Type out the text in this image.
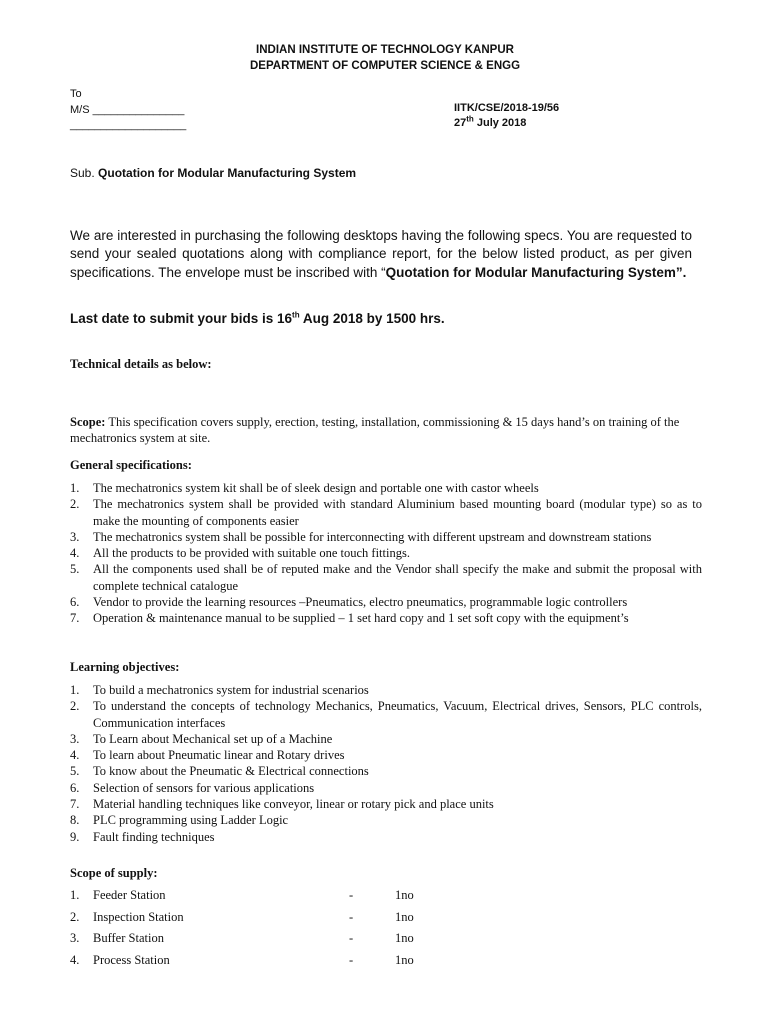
INDIAN INSTITUTE OF TECHNOLOGY KANPUR
DEPARTMENT OF COMPUTER SCIENCE & ENGG
To
M/S _______________
___________________
IITK/CSE/2018-19/56
27th July 2018
Sub. Quotation for Modular Manufacturing System

We are interested in purchasing the following desktops having the following specs. You are requested to send your sealed quotations along with compliance report, for the below listed product, as per given specifications. The envelope must be inscribed with “Quotation for Modular Manufacturing System”.

Last date to submit your bids is 16th Aug 2018 by 1500 hrs.
Technical details as below:

Scope: This specification covers supply, erection, testing, installation, commissioning & 15 days hand’s on training of the mechatronics system at site.

General specifications:
1. The mechatronics system kit shall be of sleek design and portable one with castor wheels
2. The mechatronics system shall be provided with standard Aluminium based mounting board (modular type) so as to make the mounting of components easier
3. The mechatronics system shall be possible for interconnecting with different upstream and downstream stations
4. All the products to be provided with suitable one touch fittings.
5. All the components used shall be of reputed make and the Vendor shall specify the make and submit the proposal with complete technical catalogue
6. Vendor to provide the learning resources –Pneumatics, electro pneumatics, programmable logic controllers
7. Operation & maintenance manual to be supplied – 1 set hard copy and 1 set soft copy with the equipment’s
Learning objectives:
1. To build a mechatronics system for industrial scenarios
2. To understand the concepts of technology Mechanics, Pneumatics, Vacuum, Electrical drives, Sensors, PLC controls, Communication interfaces
3. To Learn about Mechanical set up of a Machine
4. To learn about Pneumatic linear and Rotary drives
5. To know about the Pneumatic & Electrical connections
6. Selection of sensors for various applications
7. Material handling techniques like conveyor, linear or rotary pick and place units
8. PLC programming using Ladder Logic
9. Fault finding techniques
Scope of supply:
1. Feeder Station	-	1no
2. Inspection Station	-	1no
3. Buffer Station	-	1no
4. Process Station	-	1no
